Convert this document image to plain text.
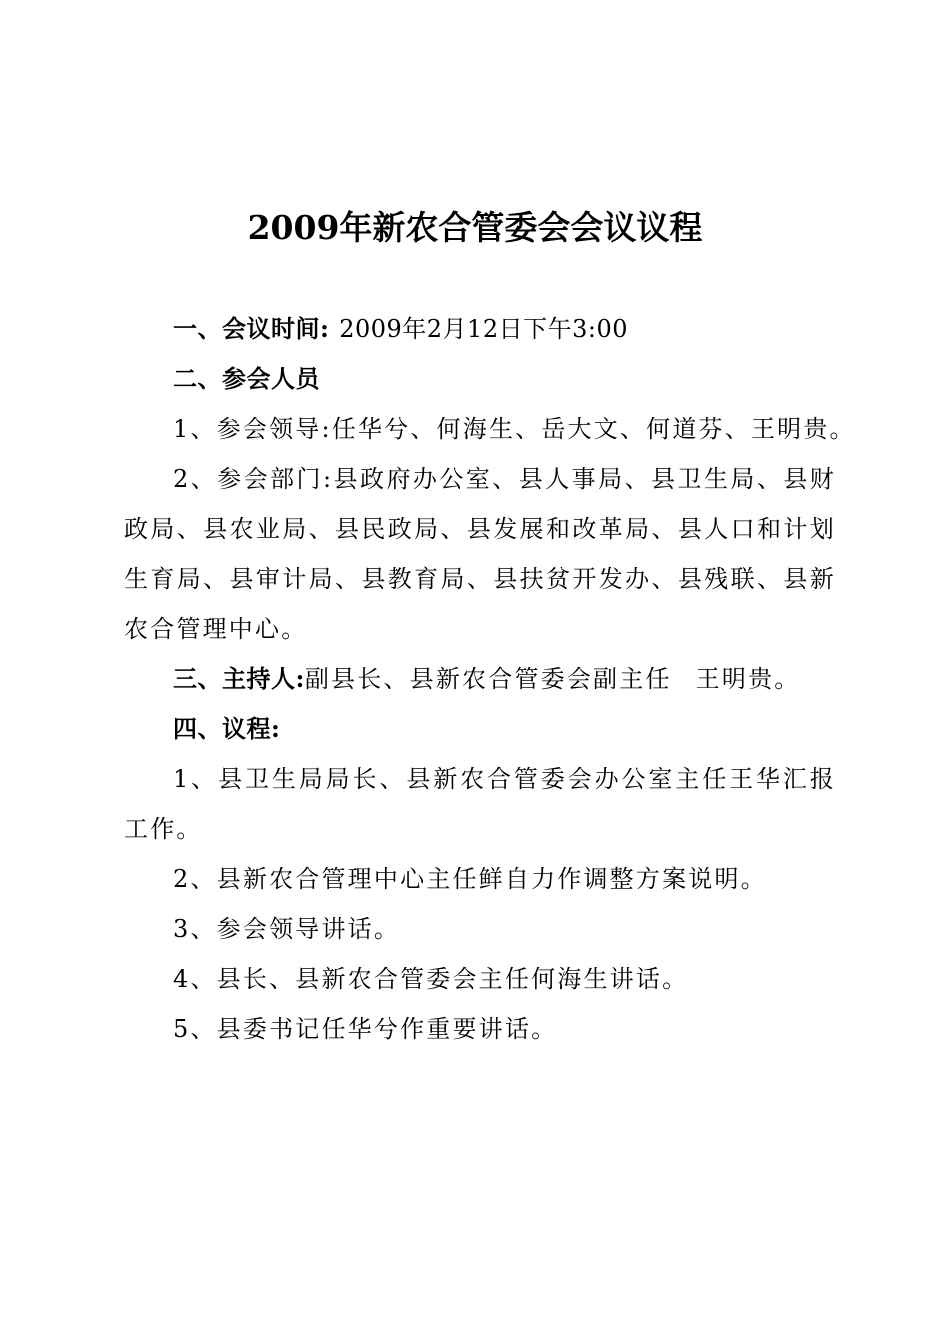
2009年新农合管委会会议议程

一、会议时间: 2009年2月12日下午3:00

二、参会人员

1、参会领导:任华兮、何海生、岳大文、何道芬、王明贵。

2、参会部门:县政府办公室、县人事局、县卫生局、县财政局、县农业局、县民政局、县发展和改革局、县人口和计划生育局、县审计局、县教育局、县扶贫开发办、县残联、县新农合管理中心。

三、主持人:副县长、县新农合管委会副主任 王明贵。

四、议程:

1、县卫生局局长、县新农合管委会办公室主任王华汇报工作。

2、县新农合管理中心主任鲜自力作调整方案说明。

3、参会领导讲话。

4、县长、县新农合管委会主任何海生讲话。

5、县委书记任华兮作重要讲话。
